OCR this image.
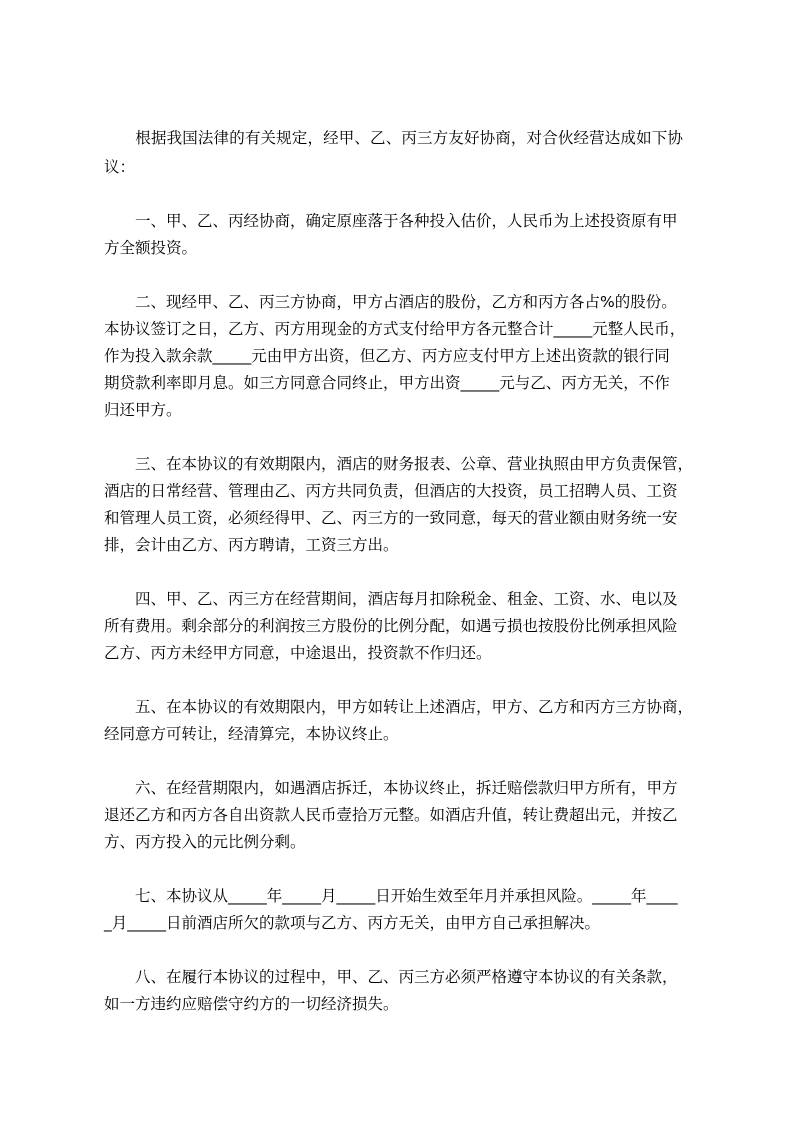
　　根据我国法律的有关规定，经甲、乙、丙三方友好协商，对合伙经营达成如下协
议：
　　一、甲、乙、丙经协商，确定原座落于各种投入估价，人民币为上述投资原有甲
方全额投资。
　　二、现经甲、乙、丙三方协商，甲方占酒店的股份，乙方和丙方各占%的股份。
本协议签订之日，乙方、丙方用现金的方式支付给甲方各元整合计_____元整人民币，
作为投入款余款_____元由甲方出资，但乙方、丙方应支付甲方上述出资款的银行同
期贷款利率即月息。如三方同意合同终止，甲方出资_____元与乙、丙方无关，不作
归还甲方。
　　三、在本协议的有效期限内，酒店的财务报表、公章、营业执照由甲方负责保管，
酒店的日常经营、管理由乙、丙方共同负责，但酒店的大投资，员工招聘人员、工资
和管理人员工资，必须经得甲、乙、丙三方的一致同意，每天的营业额由财务统一安
排，会计由乙方、丙方聘请，工资三方出。
　　四、甲、乙、丙三方在经营期间，酒店每月扣除税金、租金、工资、水、电以及
所有费用。剩余部分的利润按三方股份的比例分配，如遇亏损也按股份比例承担风险
乙方、丙方未经甲方同意，中途退出，投资款不作归还。
　　五、在本协议的有效期限内，甲方如转让上述酒店，甲方、乙方和丙方三方协商，
经同意方可转让，经清算完，本协议终止。
　　六、在经营期限内，如遇酒店拆迁，本协议终止，拆迁赔偿款归甲方所有，甲方
退还乙方和丙方各自出资款人民币壹拾万元整。如酒店升值，转让费超出元，并按乙
方、丙方投入的元比例分剩。
　　七、本协议从_____年_____月_____日开始生效至年月并承担风险。_____年____
_月_____日前酒店所欠的款项与乙方、丙方无关，由甲方自己承担解决。
　　八、在履行本协议的过程中，甲、乙、丙三方必须严格遵守本协议的有关条款，
如一方违约应赔偿守约方的一切经济损失。
